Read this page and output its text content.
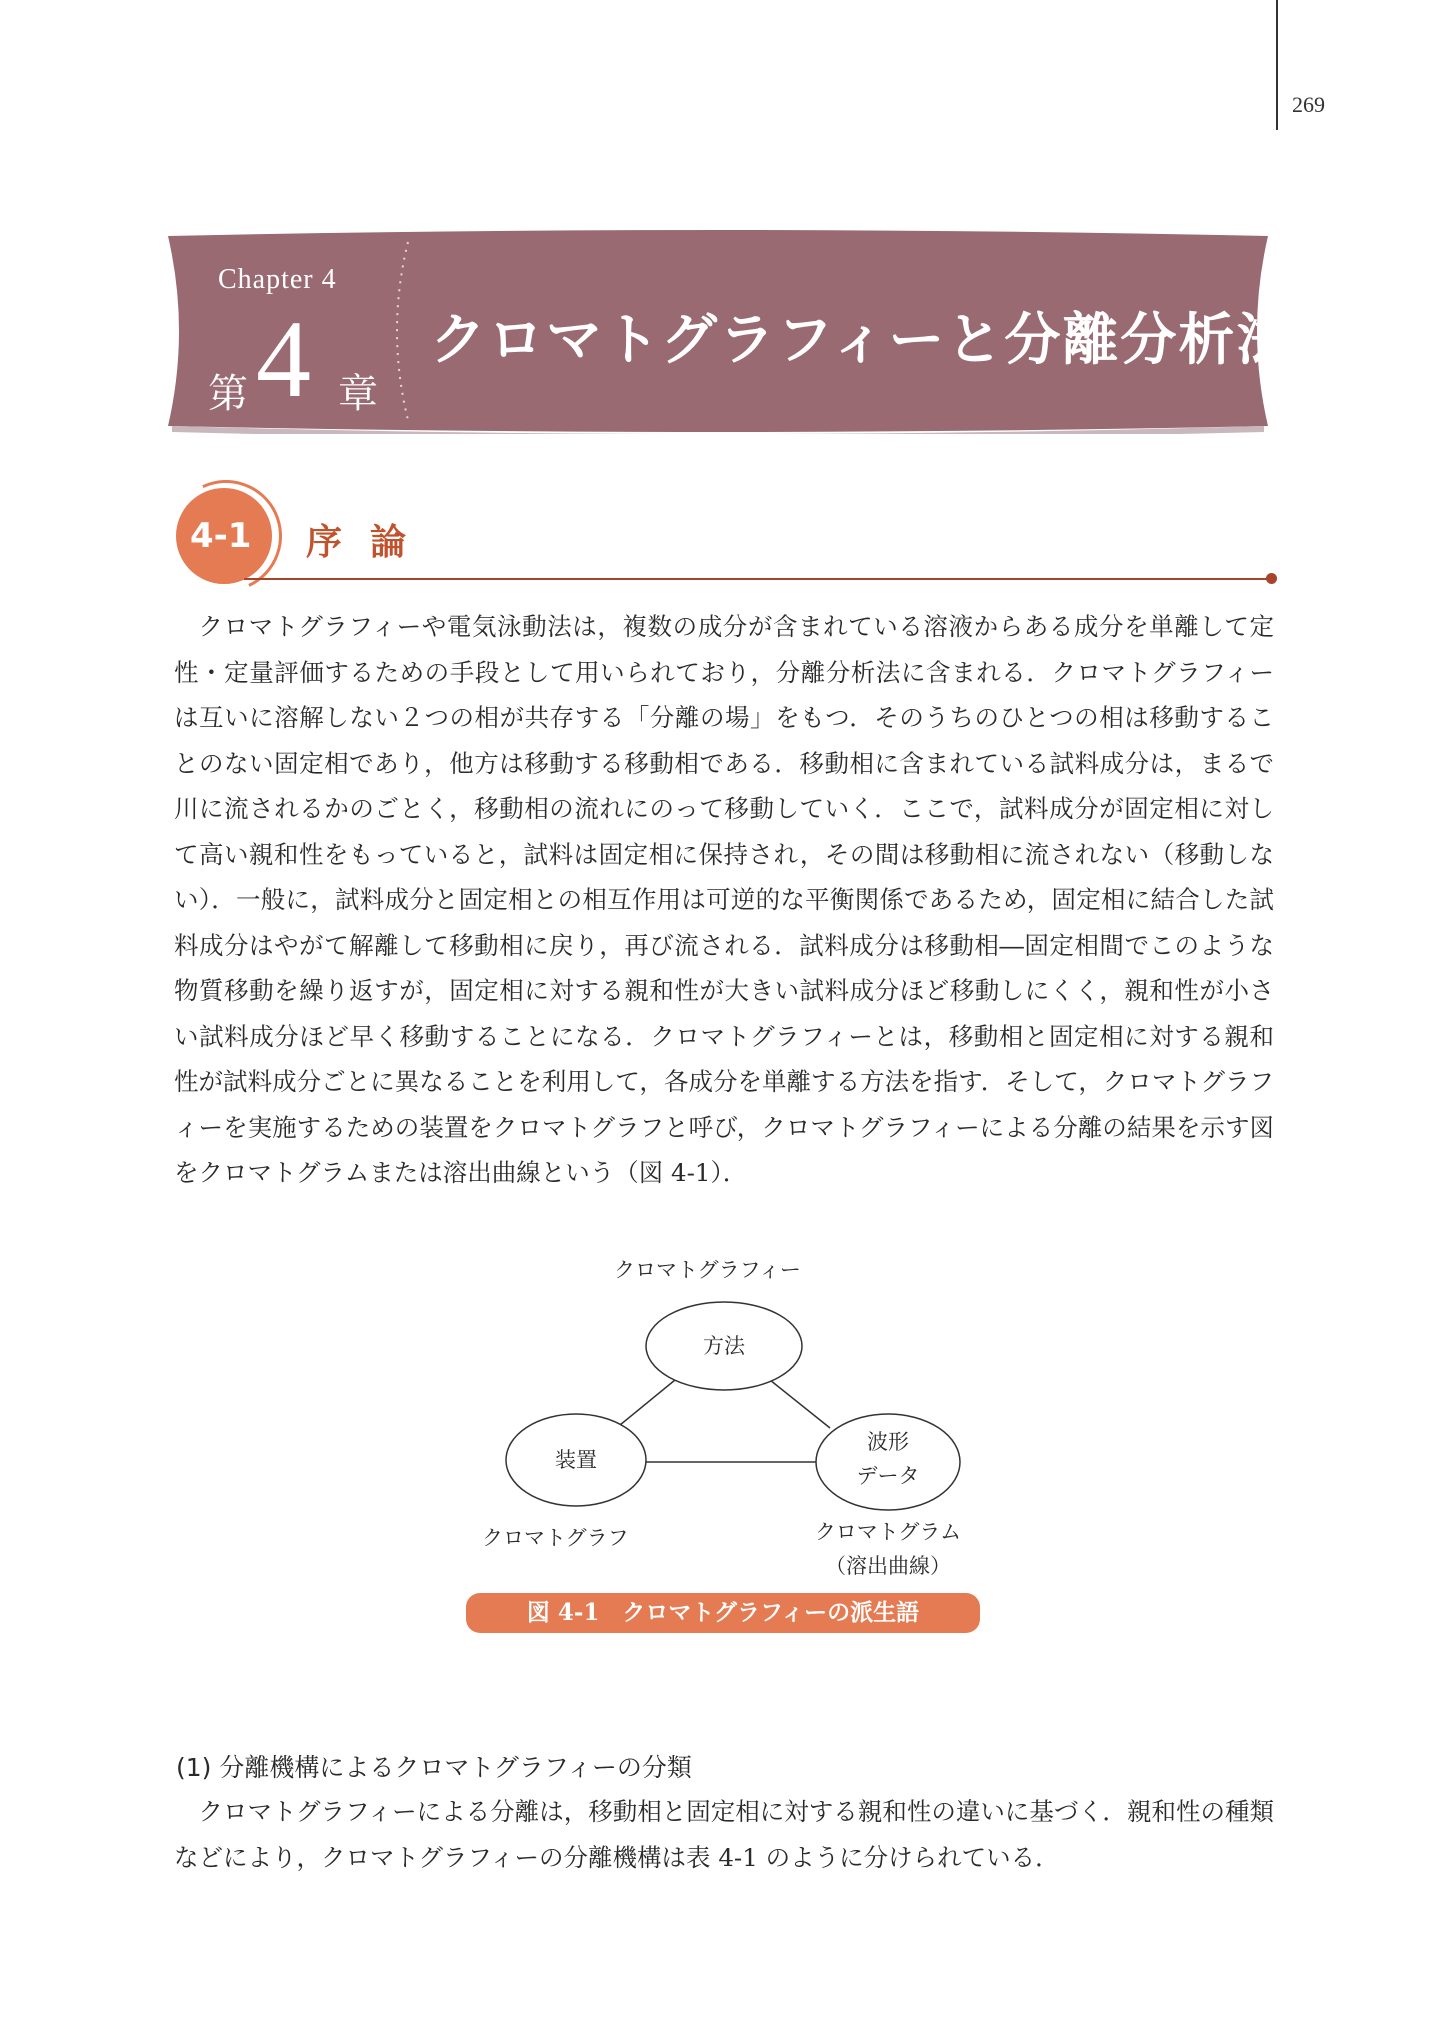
269
Chapter 4
第 4 章
クロマトグラフィーと分離分析法
4-1 序論

クロマトグラフィーや電気泳動法は，複数の成分が含まれている溶液からある成分を単離して定性・定量評価するための手段として用いられており，分離分析法に含まれる．クロマトグラフィーは互いに溶解しない２つの相が共存する「分離の場」をもつ．そのうちのひとつの相は移動することのない固定相であり，他方は移動する移動相である．移動相に含まれている試料成分は，まるで川に流されるかのごとく，移動相の流れにのって移動していく．ここで，試料成分が固定相に対して高い親和性をもっていると，試料は固定相に保持され，その間は移動相に流されない（移動しない）．一般に，試料成分と固定相との相互作用は可逆的な平衡関係であるため，固定相に結合した試料成分はやがて解離して移動相に戻り，再び流される．試料成分は移動相―固定相間でこのような物質移動を繰り返すが，固定相に対する親和性が大きい試料成分ほど移動しにくく，親和性が小さい試料成分ほど早く移動することになる．クロマトグラフィーとは，移動相と固定相に対する親和性が試料成分ごとに異なることを利用して，各成分を単離する方法を指す．そして，クロマトグラフィーを実施するための装置をクロマトグラフと呼び，クロマトグラフィーによる分離の結果を示す図をクロマトグラムまたは溶出曲線という（図 4-1）．

クロマトグラフィー
方法
装置
波形
データ
クロマトグラフ	クロマトグラム
（溶出曲線）
図 4-1　クロマトグラフィーの派生語
(1) 分離機構によるクロマトグラフィーの分類

クロマトグラフィーによる分離は，移動相と固定相に対する親和性の違いに基づく．親和性の種類などにより，クロマトグラフィーの分離機構は表 4-1 のように分けられている．
